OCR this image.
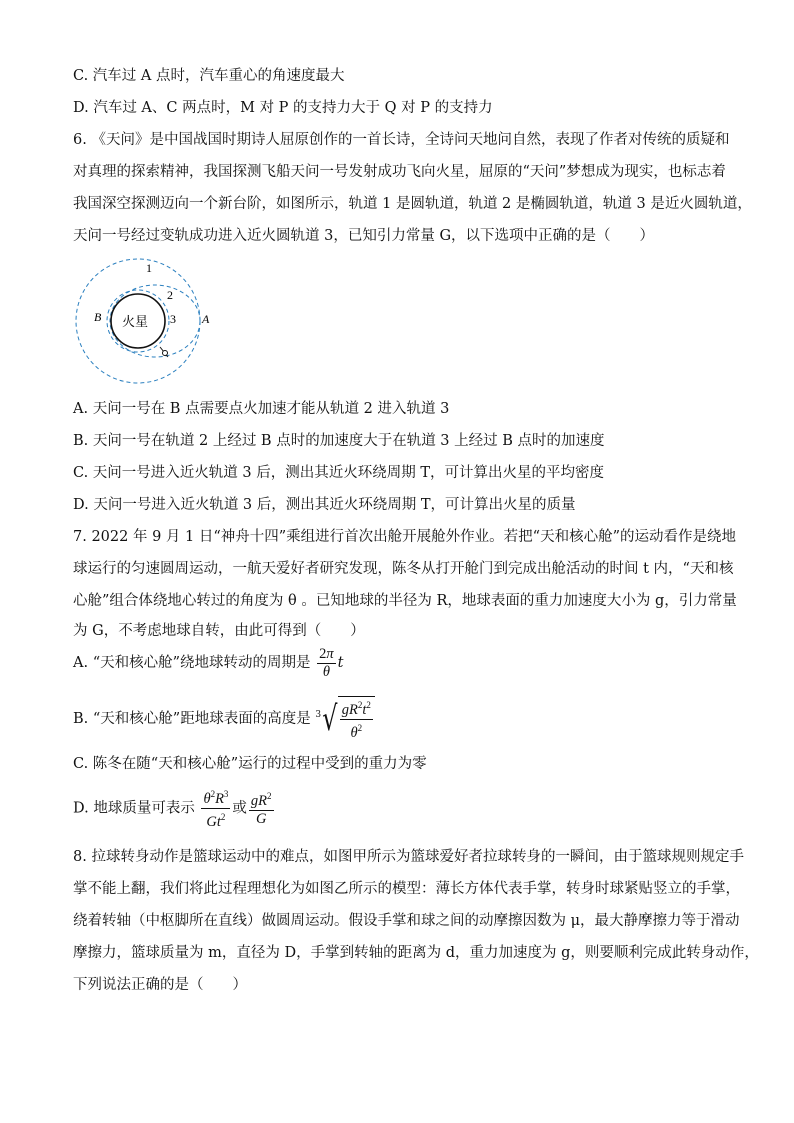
C. 汽车过 A 点时，汽车重心的角速度最大
D. 汽车过 A、C 两点时，M 对 P 的支持力大于 Q 对 P 的支持力
6. 《天问》是中国战国时期诗人屈原创作的一首长诗，全诗问天地问自然，表现了作者对传统的质疑和
对真理的探索精神，我国探测飞船天问一号发射成功飞向火星，屈原的“天问”梦想成为现实，也标志着
我国深空探测迈向一个新台阶，如图所示，轨道 1 是圆轨道，轨道 2 是椭圆轨道，轨道 3 是近火圆轨道，
天问一号经过变轨成功进入近火圆轨道 3，已知引力常量 G，以下选项中正确的是（　　）
火星
1
2
3 A
B
A. 天问一号在 B 点需要点火加速才能从轨道 2 进入轨道 3
B. 天问一号在轨道 2 上经过 B 点时的加速度大于在轨道 3 上经过 B 点时的加速度
C. 天问一号进入近火轨道 3 后，测出其近火环绕周期 T，可计算出火星的平均密度
D. 天问一号进入近火轨道 3 后，测出其近火环绕周期 T，可计算出火星的质量
7. 2022 年 9 月 1 日“神舟十四”乘组进行首次出舱开展舱外作业。若把“天和核心舱”的运动看作是绕地
球运行的匀速圆周运动，一航天爱好者研究发现，陈冬从打开舱门到完成出舱活动的时间 t 内，“天和核
心舱”组合体绕地心转过的角度为 θ 。已知地球的半径为 R，地球表面的重力加速度大小为 g，引力常量
为 G，不考虑地球自转，由此可得到（　　）
A. “天和核心舱”绕地球转动的周期是 $\frac{2\pi}{\theta}$ t
B. “天和核心舱”距地球表面的高度是 3 √ $\frac{gR^2t^2}{\theta^2}$
C. 陈冬在随“天和核心舱”运行的过程中受到的重力为零
D. 地球质量可表示 $\frac{\theta^2R^3}{Gt^2}$ 或 $\frac{gR^2}{G}$
8. 拉球转身动作是篮球运动中的难点，如图甲所示为篮球爱好者拉球转身的一瞬间，由于篮球规则规定手
掌不能上翻，我们将此过程理想化为如图乙所示的模型：薄长方体代表手掌，转身时球紧贴竖立的手掌，
绕着转轴（中枢脚所在直线）做圆周运动。假设手掌和球之间的动摩擦因数为 μ，最大静摩擦力等于滑动
摩擦力，篮球质量为 m，直径为 D，手掌到转轴的距离为 d，重力加速度为 g，则要顺利完成此转身动作，
下列说法正确的是（　　）
